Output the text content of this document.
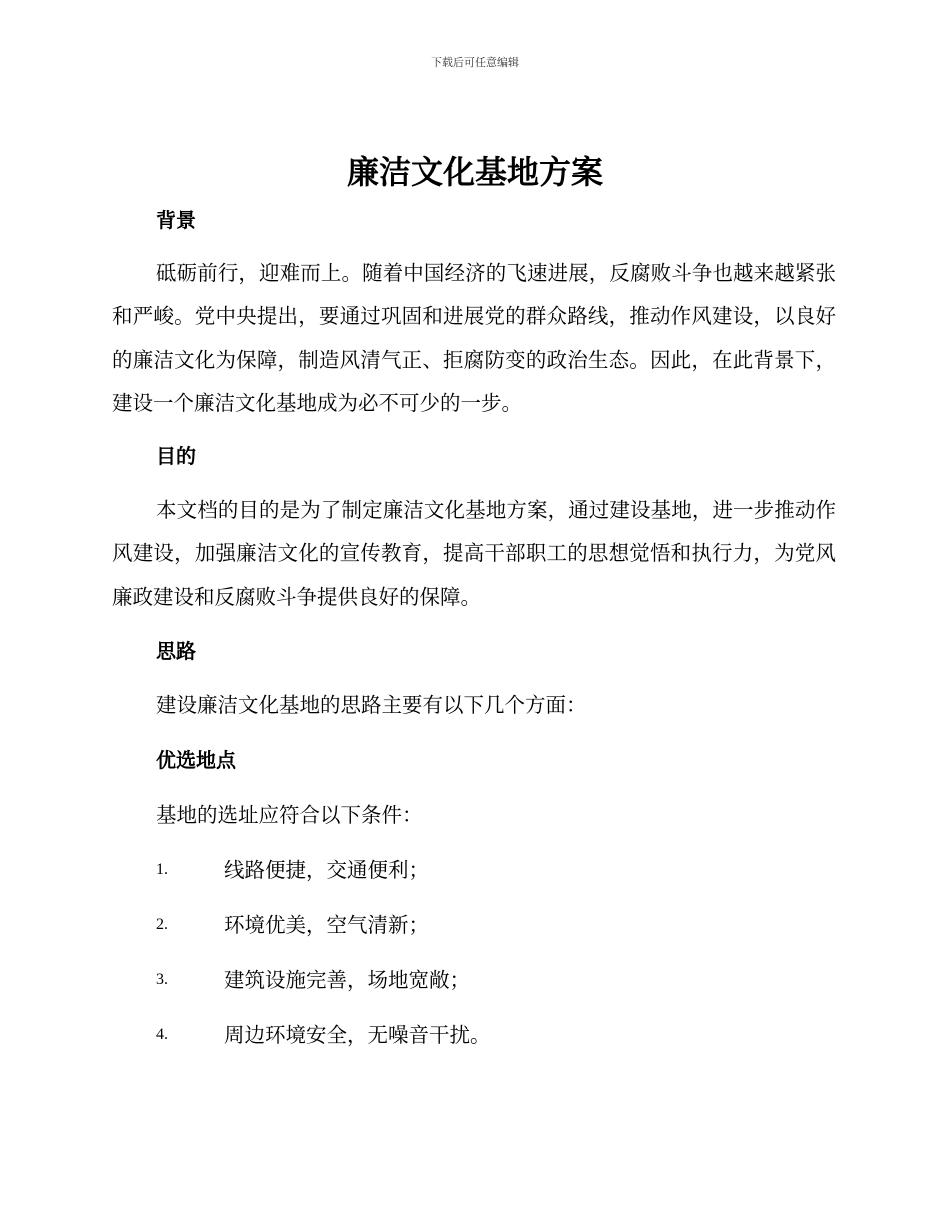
下载后可任意编辑
廉洁文化基地方案
背景

砥砺前行，迎难而上。随着中国经济的飞速进展，反腐败斗争也越来越紧张和严峻。党中央提出，要通过巩固和进展党的群众路线，推动作风建设，以良好的廉洁文化为保障，制造风清气正、拒腐防变的政治生态。因此，在此背景下，建设一个廉洁文化基地成为必不可少的一步。

目的

本文档的目的是为了制定廉洁文化基地方案，通过建设基地，进一步推动作风建设，加强廉洁文化的宣传教育，提高干部职工的思想觉悟和执行力，为党风廉政建设和反腐败斗争提供良好的保障。

思路

建设廉洁文化基地的思路主要有以下几个方面：

优选地点

基地的选址应符合以下条件：

1.	线路便捷，交通便利；
2.	环境优美，空气清新；
3.	建筑设施完善，场地宽敞；
4.	周边环境安全，无噪音干扰。
